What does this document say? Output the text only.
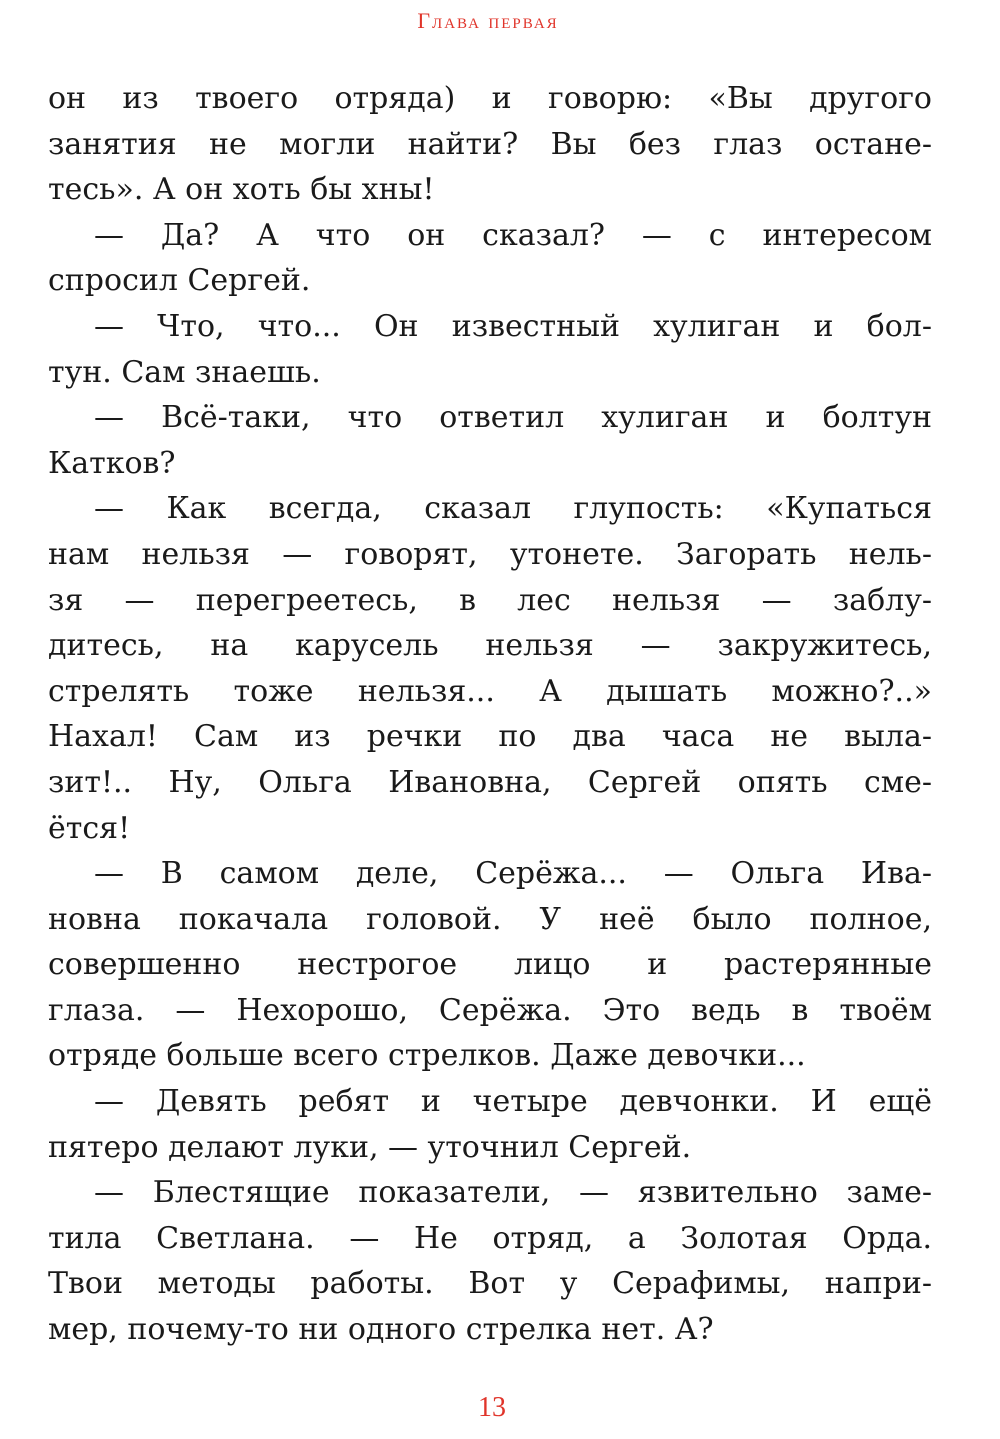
Глава первая
он из твоего отряда) и говорю: «Вы другого
занятия не могли найти? Вы без глаз останe-
тесь». А он хоть бы хны!
— Да? А что он сказал? — с интересом
спросил Сергей.
— Что, что... Он известный хулиган и бол-
тун. Сам знаешь.
— Всё-таки, что ответил хулиган и болтун
Катков?
— Как всегда, сказал глупость: «Купаться
нам нельзя — говорят, утонете. Загорать нель-
зя — перегреетесь, в лес нельзя — заблу-
дитесь, на карусель нельзя — закружитесь,
стрелять тоже нельзя... А дышать можно?..»
Нахал! Сам из речки по два часа не выла-
зит!.. Ну, Ольга Ивановна, Сергей опять сме-
ётся!
— В самом деле, Серёжа... — Ольга Ива-
новна покачала головой. У неё было полное,
совершенно нестрогое лицо и растерянные
глаза. — Нехорошо, Серёжа. Это ведь в твоём
отряде больше всего стрелков. Даже девочки...
— Девять ребят и четыре девчонки. И ещё
пятеро делают луки, — уточнил Сергей.
— Блестящие показатели, — язвительно заме-
тила Светлана. — Не отряд, а Золотая Орда.
Твои методы работы. Вот у Серафимы, напри-
мер, почему-то ни одного стрелка нет. А?
13
